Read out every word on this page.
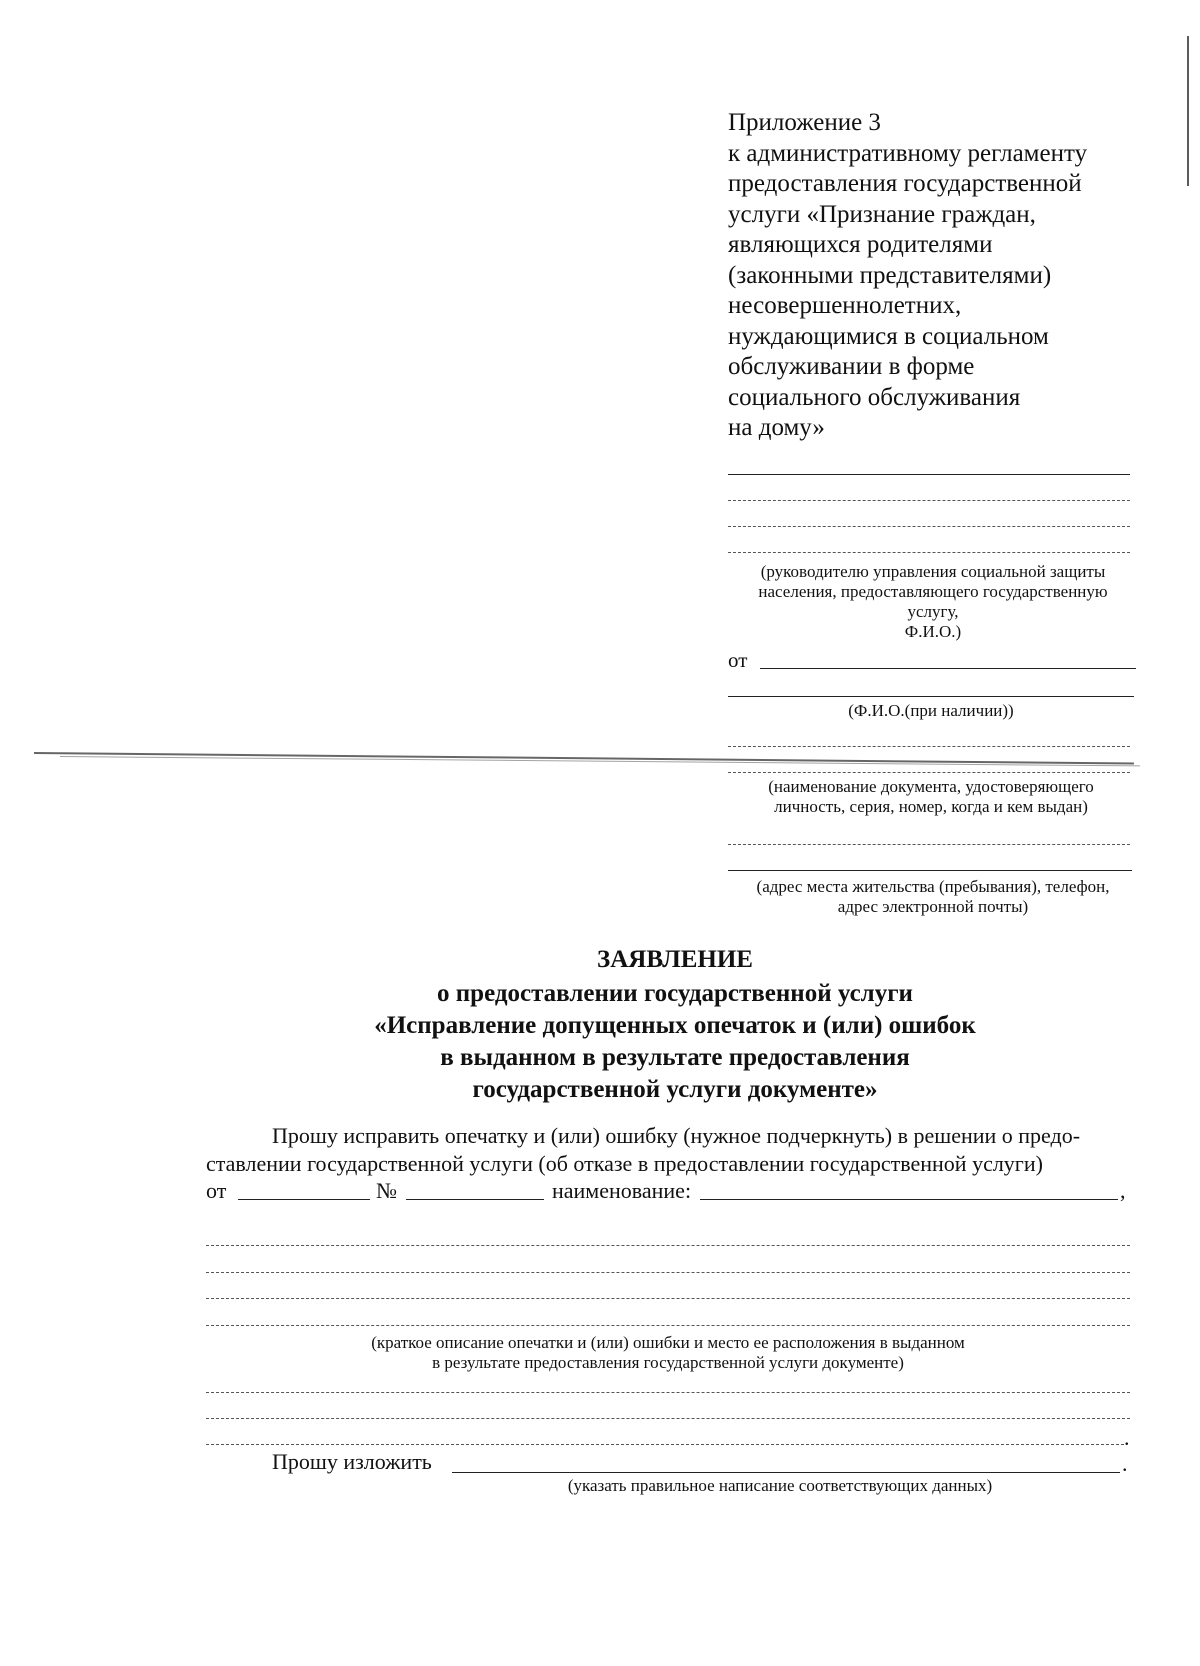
Приложение 3
к административному регламенту
предоставления государственной
услуги «Признание граждан,
являющихся родителями
(законными представителями)
несовершеннолетних,
нуждающимися в социальном
обслуживании в форме
социального обслуживания
на дому»
(руководителю управления социальной защиты
населения, предоставляющего государственную
услугу,
Ф.И.О.)
от
(Ф.И.О.(при наличии))
(наименование документа, удостоверяющего
личность, серия, номер, когда и кем выдан)
(адрес места жительства (пребывания), телефон,
адрес электронной почты)
ЗАЯВЛЕНИЕ
о предоставлении государственной услуги
«Исправление допущенных опечаток и (или) ошибок
в выданном в результате предоставления
государственной услуги документе»
Прошу исправить опечатку и (или) ошибку (нужное подчеркнуть) в решении о предо-
ставлении государственной услуги (об отказе в предоставлении государственной услуги)
от	№	наименование:	,
(краткое описание опечатки и (или) ошибки и место ее расположения в выданном
в результате предоставления государственной услуги документе)
.
Прошу изложить	.
(указать правильное написание соответствующих данных)
